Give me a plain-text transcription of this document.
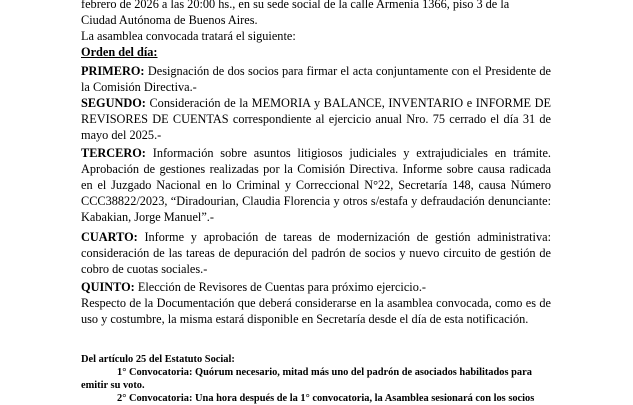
febrero de 2026 a las 20:00 hs., en su sede social de la calle Armenia 1366, piso 3 de la
Ciudad Autónoma de Buenos Aires.
La asamblea convocada tratará el siguiente:
Orden del día:

PRIMERO: Designación de dos socios para firmar el acta conjuntamente con el Presidente de la Comisión Directiva.-

SEGUNDO: Consideración de la MEMORIA y BALANCE, INVENTARIO e INFORME DE REVISORES DE CUENTAS correspondiente al ejercicio anual Nro. 75 cerrado el día 31 de mayo del 2025.-

TERCERO: Información sobre asuntos litigiosos judiciales y extrajudiciales en trámite. Aprobación de gestiones realizadas por la Comisión Directiva. Informe sobre causa radicada en el Juzgado Nacional en lo Criminal y Correccional N°22, Secretaría 148, causa Número CCC38822/2023, “Diradourian, Claudia Florencia y otros s/estafa y defraudación denunciante: Kabakian, Jorge Manuel”.-

CUARTO: Informe y aprobación de tareas de modernización de gestión administrativa: consideración de las tareas de depuración del padrón de socios y nuevo circuito de gestión de cobro de cuotas sociales.-

QUINTO: Elección de Revisores de Cuentas para próximo ejercicio.-

Respecto de la Documentación que deberá considerarse en la asamblea convocada, como es de uso y costumbre, la misma estará disponible en Secretaría desde el día de esta notificación.

Del artículo 25 del Estatuto Social:
1° Convocatoria: Quórum necesario, mitad más uno del padrón de asociados habilitados para
emitir su voto.
2° Convocatoria: Una hora después de la 1° convocatoria, la Asamblea sesionará con los socios
